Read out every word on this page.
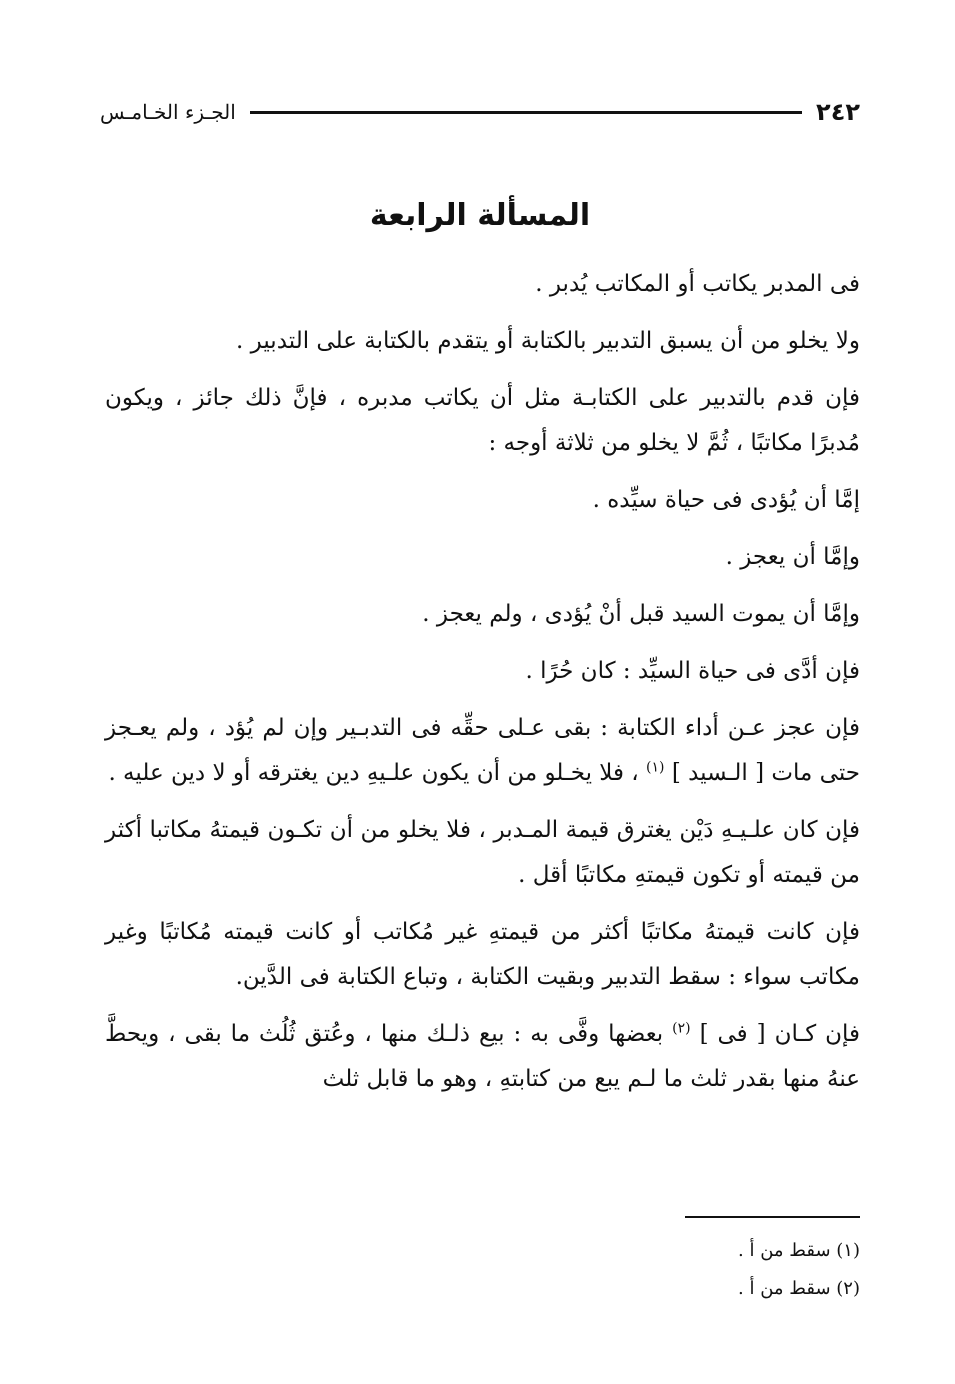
٢٤٢
الجـزء الخـامـس
المسألة الرابعة

فى المدبر يكاتب أو المكاتب يُدبر .

ولا يخلو من أن يسبق التدبير بالكتابة أو يتقدم بالكتابة على التدبير .

فإن قدم بالتدبير على الكتابـة مثل أن يكاتب مدبره ، فإنَّ ذلك جائز ، ويكون مُدبرًا مكاتبًا ، ثُمَّ لا يخلو من ثلاثة أوجه :

إمَّا أن يُؤدى فى حياة سيِّده .

وإمَّا أن يعجز .

وإمَّا أن يموت السيد قبل أنْ يُؤدى ، ولم يعجز .

فإن أدَّى فى حياة السيِّد : كان حُرًا .

فإن عجز عـن أداء الكتابة : بقى عـلى حقِّه فى التدبـير وإن لم يُؤد ، ولم يعـجز حتى مات [ الـسيد ] $^{(١)}$ ، فلا يخـلو من أن يكون علـيهِ دين يغترقه أو لا دين عليه .

فإن كان علـيـهِ دَيْن يغترق قيمة المـدبر ، فلا يخلو من أن تكـون قيمتهُ مكاتبا أكثر من قيمته أو تكون قيمتهِ مكاتبًا أقل .

فإن كانت قيمتهُ مكاتبًا أكثر من قيمتهِ غير مُكاتب أو كانت قيمته مُكاتبًا وغير مكاتب سواء : سقط التدبير وبقيت الكتابة ، وتباع الكتابة فى الدَّين.

فإن كـان [ فى ] $^{(٢)}$ بعضها وفَّى به : بيع ذلـك منها ، وعُتق ثُلُث ما بقى ، ويحطَّ عنهُ منها بقدر ثلث ما لـم يبع من كتابتهِ ، وهو ما قابل ثلث

(١) سقط من أ .
(٢) سقط من أ .
